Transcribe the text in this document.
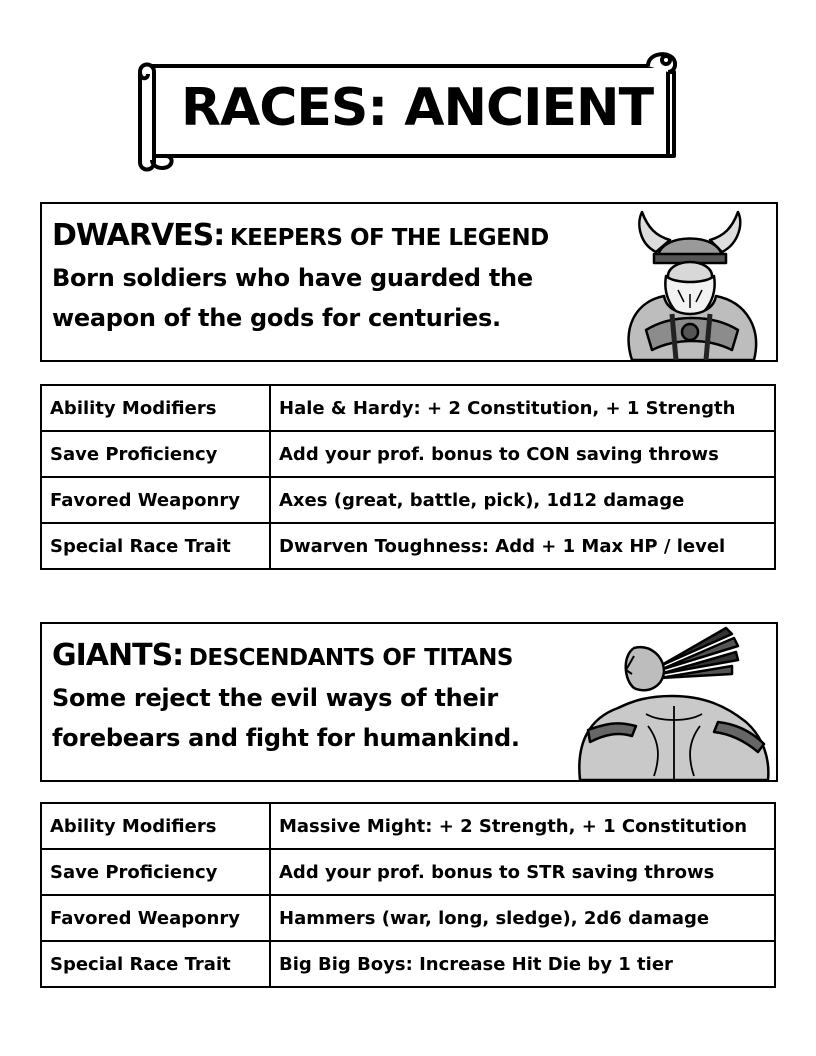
RACES: ANCIENT
DWARVES: KEEPERS OF THE LEGEND
Born soldiers who have guarded the
weapon of the gods for centuries.
Ability Modifiers	Hale & Hardy: + 2 Constitution, + 1 Strength
Save Proficiency	Add your prof. bonus to CON saving throws
Favored Weaponry	Axes (great, battle, pick), 1d12 damage
Special Race Trait	Dwarven Toughness: Add + 1 Max HP / level
GIANTS: DESCENDANTS OF TITANS
Some reject the evil ways of their
forebears and fight for humankind.
Ability Modifiers	Massive Might: + 2 Strength, + 1 Constitution
Save Proficiency	Add your prof. bonus to STR saving throws
Favored Weaponry	Hammers (war, long, sledge), 2d6 damage
Special Race Trait	Big Big Boys: Increase Hit Die by 1 tier
